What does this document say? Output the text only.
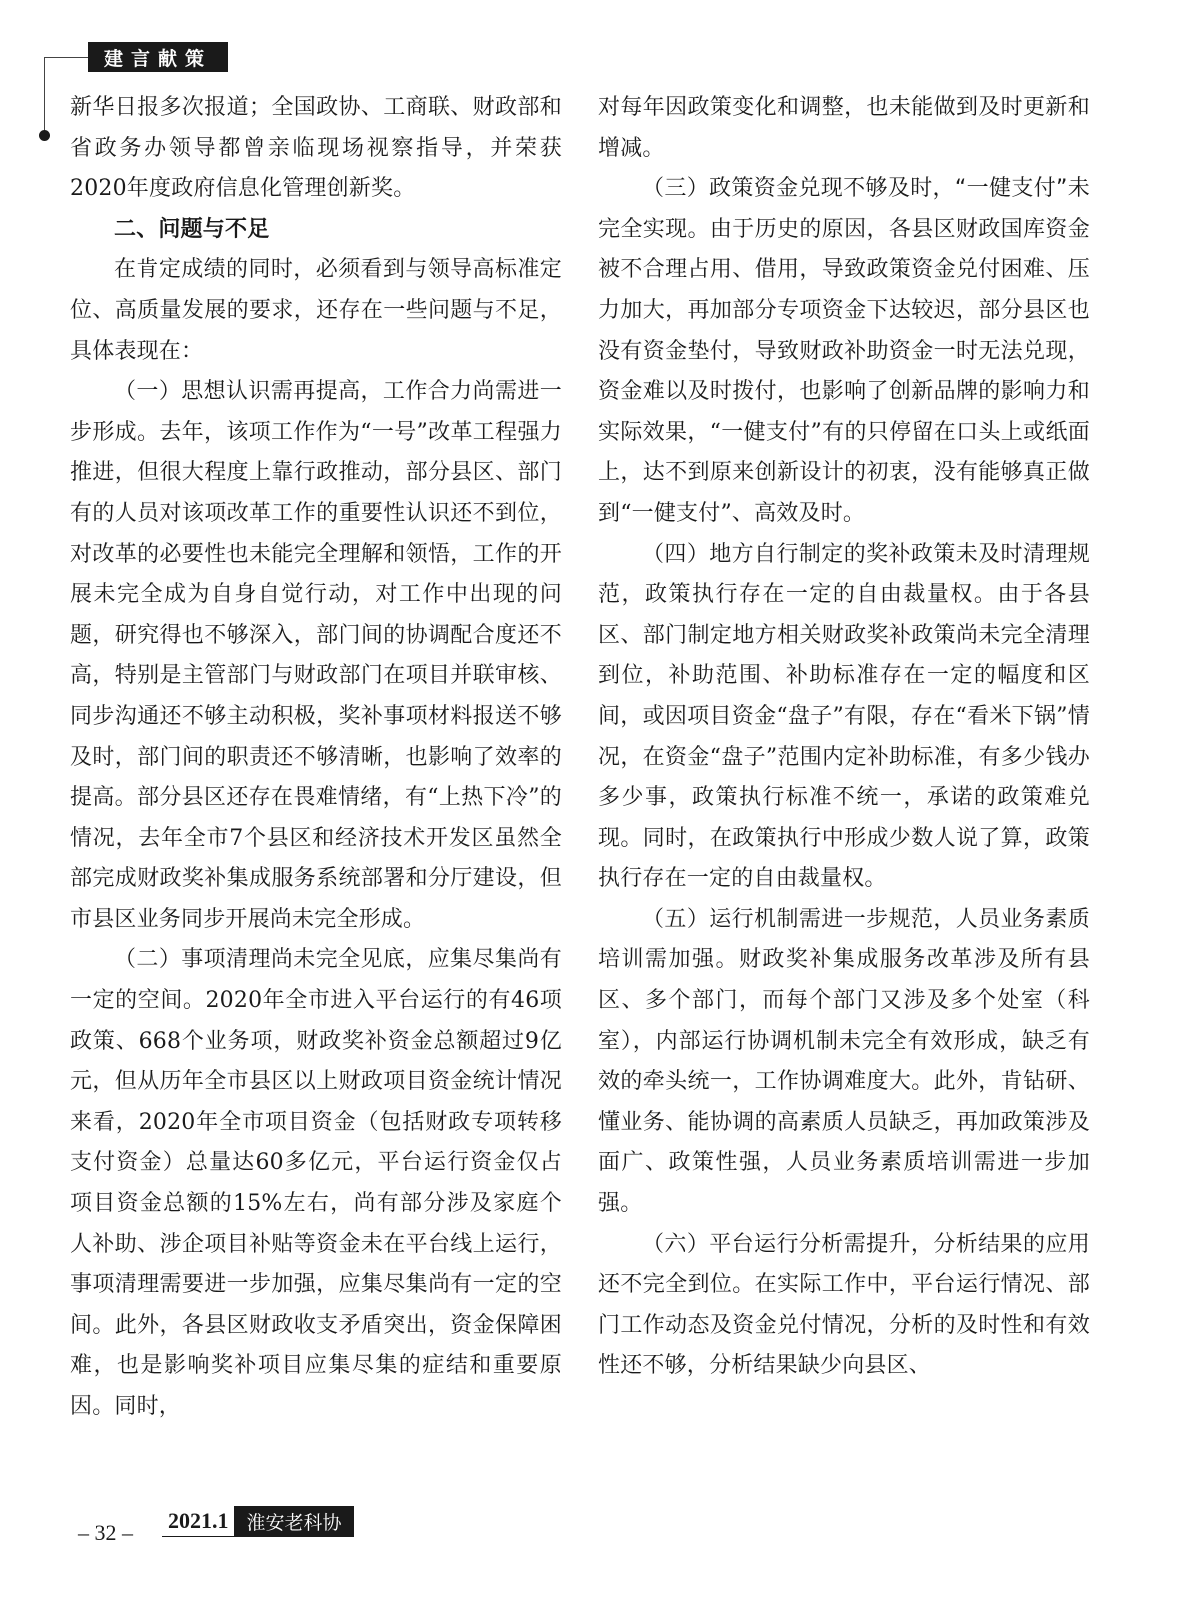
建言献策

新华日报多次报道；全国政协、工商联、财政部和省政务办领导都曾亲临现场视察指导，并荣获2020年度政府信息化管理创新奖。

二、问题与不足

在肯定成绩的同时，必须看到与领导高标准定位、高质量发展的要求，还存在一些问题与不足，具体表现在：

（一）思想认识需再提高，工作合力尚需进一步形成。去年，该项工作作为“一号”改革工程强力推进，但很大程度上靠行政推动，部分县区、部门有的人员对该项改革工作的重要性认识还不到位，对改革的必要性也未能完全理解和领悟，工作的开展未完全成为自身自觉行动，对工作中出现的问题，研究得也不够深入，部门间的协调配合度还不高，特别是主管部门与财政部门在项目并联审核、同步沟通还不够主动积极，奖补事项材料报送不够及时，部门间的职责还不够清晰，也影响了效率的提高。部分县区还存在畏难情绪，有“上热下冷”的情况，去年全市7个县区和经济技术开发区虽然全部完成财政奖补集成服务系统部署和分厅建设，但市县区业务同步开展尚未完全形成。

（二）事项清理尚未完全见底，应集尽集尚有一定的空间。2020年全市进入平台运行的有46项政策、668个业务项，财政奖补资金总额超过9亿元，但从历年全市县区以上财政项目资金统计情况来看，2020年全市项目资金（包括财政专项转移支付资金）总量达60多亿元，平台运行资金仅占项目资金总额的15%左右，尚有部分涉及家庭个人补助、涉企项目补贴等资金未在平台线上运行，事项清理需要进一步加强，应集尽集尚有一定的空间。此外，各县区财政收支矛盾突出，资金保障困难，也是影响奖补项目应集尽集的症结和重要原因。同时，

对每年因政策变化和调整，也未能做到及时更新和增减。

（三）政策资金兑现不够及时，“一健支付”未完全实现。由于历史的原因，各县区财政国库资金被不合理占用、借用，导致政策资金兑付困难、压力加大，再加部分专项资金下达较迟，部分县区也没有资金垫付，导致财政补助资金一时无法兑现，资金难以及时拨付，也影响了创新品牌的影响力和实际效果，“一健支付”有的只停留在口头上或纸面上，达不到原来创新设计的初衷，没有能够真正做到“一健支付”、高效及时。

（四）地方自行制定的奖补政策未及时清理规范，政策执行存在一定的自由裁量权。由于各县区、部门制定地方相关财政奖补政策尚未完全清理到位，补助范围、补助标准存在一定的幅度和区间，或因项目资金“盘子”有限，存在“看米下锅”情况，在资金“盘子”范围内定补助标准，有多少钱办多少事，政策执行标准不统一，承诺的政策难兑现。同时，在政策执行中形成少数人说了算，政策执行存在一定的自由裁量权。

（五）运行机制需进一步规范，人员业务素质培训需加强。财政奖补集成服务改革涉及所有县区、多个部门，而每个部门又涉及多个处室（科室），内部运行协调机制未完全有效形成，缺乏有效的牵头统一，工作协调难度大。此外，肯钻研、懂业务、能协调的高素质人员缺乏，再加政策涉及面广、政策性强，人员业务素质培训需进一步加强。

（六）平台运行分析需提升，分析结果的应用还不完全到位。在实际工作中，平台运行情况、部门工作动态及资金兑付情况，分析的及时性和有效性还不够，分析结果缺少向县区、

– 32 – 2021.1 淮安老科协
